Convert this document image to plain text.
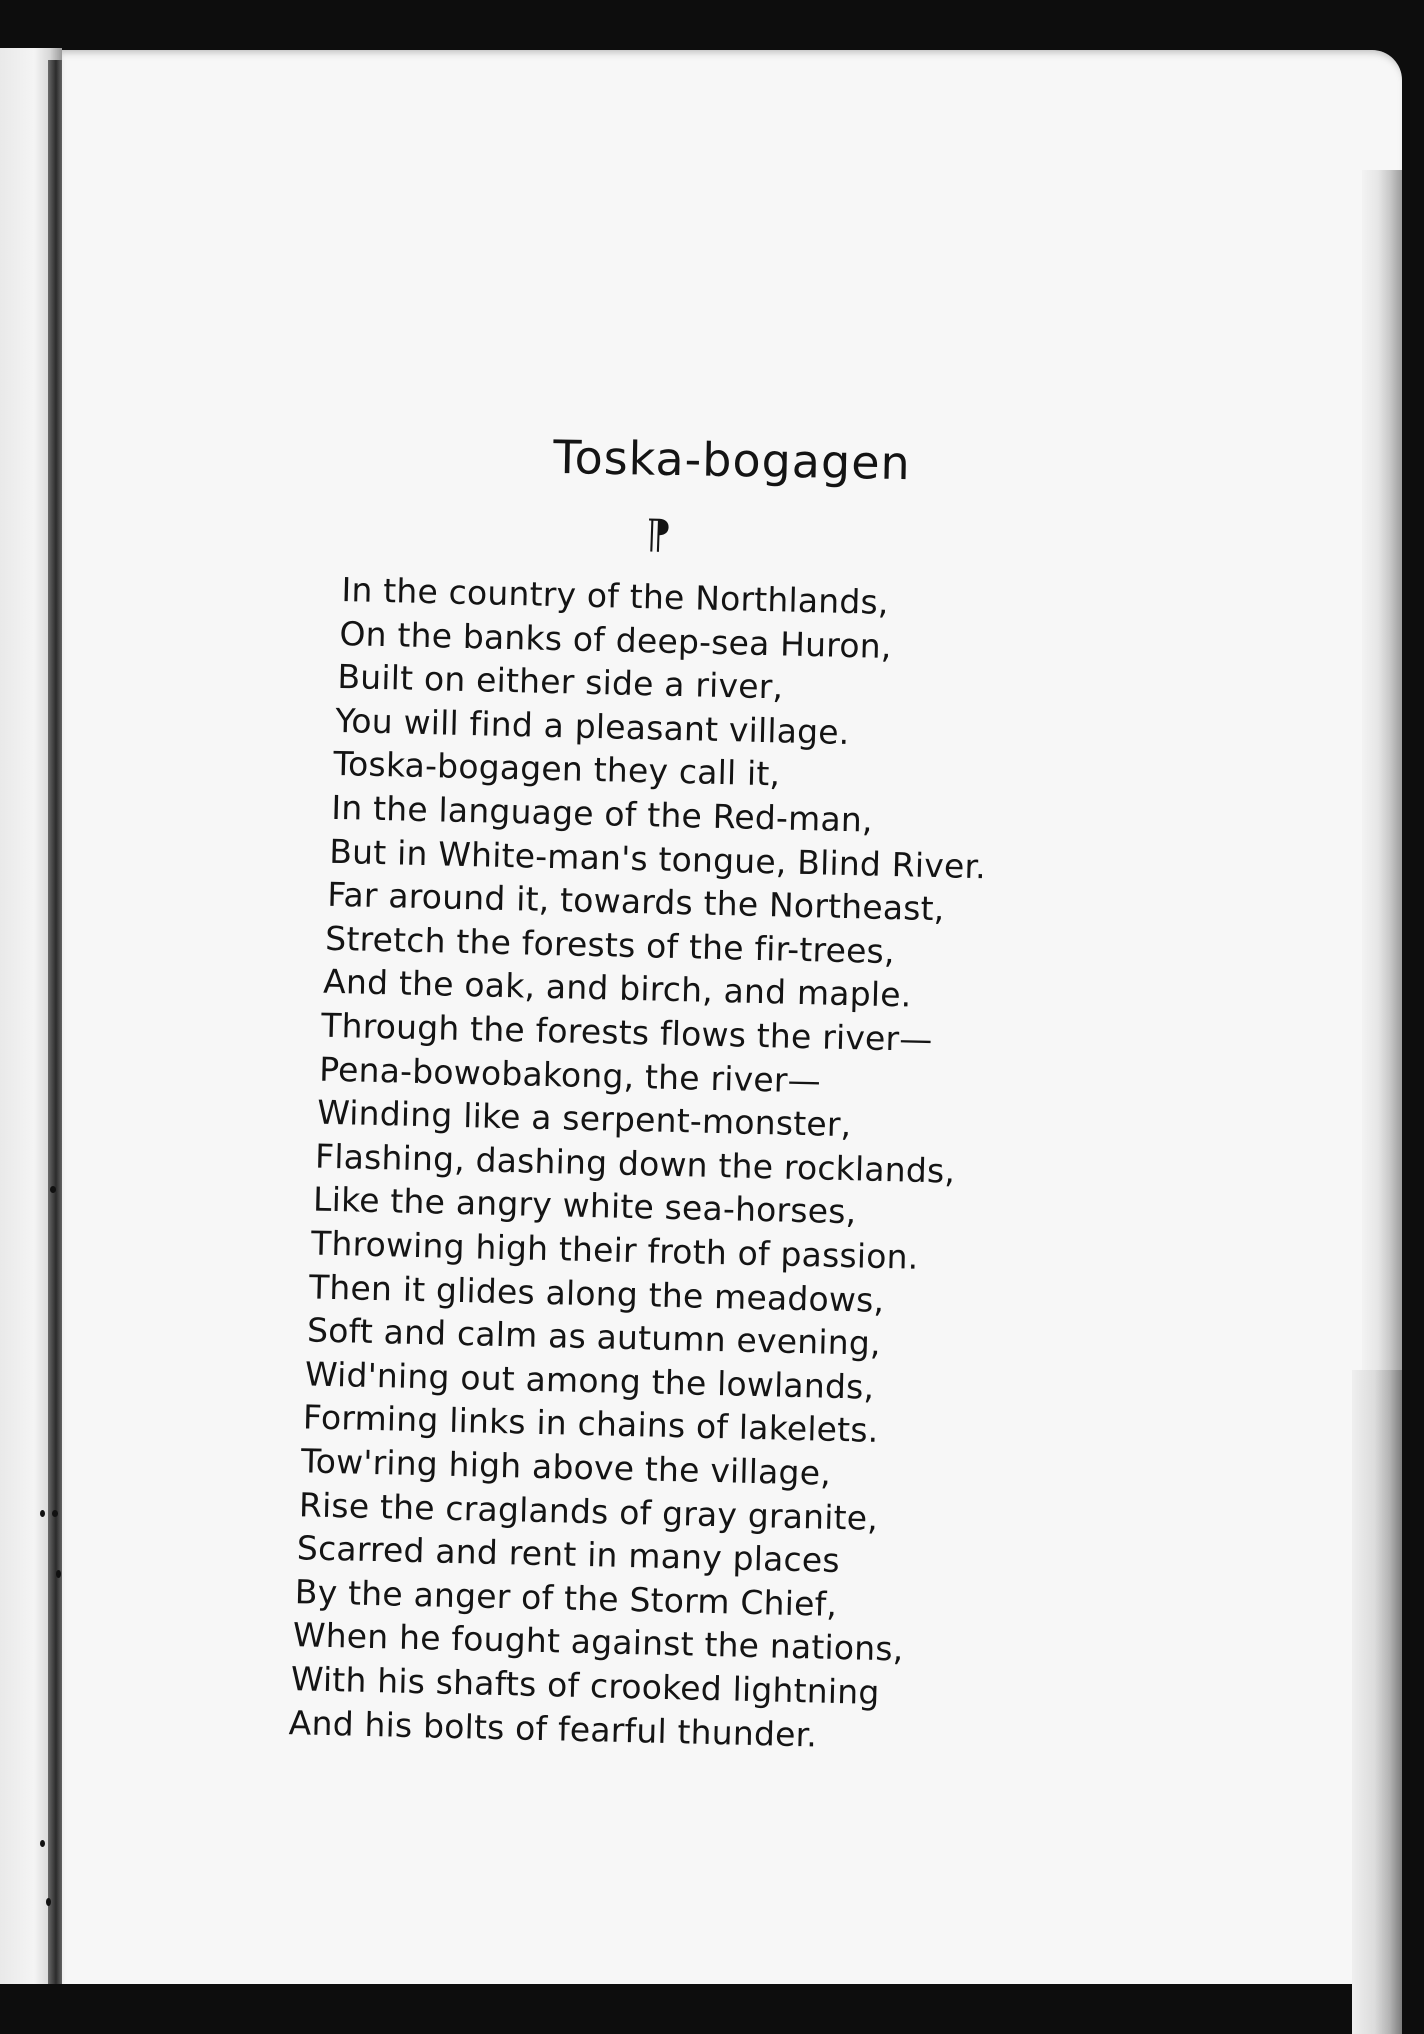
Toska-bogagen
⁋
In the country of the Northlands,
On the banks of deep-sea Huron,
Built on either side a river,
You will find a pleasant village.
Toska-bogagen they call it,
In the language of the Red-man,
But in White-man's tongue, Blind River.
Far around it, towards the Northeast,
Stretch the forests of the fir-trees,
And the oak, and birch, and maple.
Through the forests flows the river—
Pena-bowobakong, the river—
Winding like a serpent-monster,
Flashing, dashing down the rocklands,
Like the angry white sea-horses,
Throwing high their froth of passion.
Then it glides along the meadows,
Soft and calm as autumn evening,
Wid'ning out among the lowlands,
Forming links in chains of lakelets.
Tow'ring high above the village,
Rise the craglands of gray granite,
Scarred and rent in many places
By the anger of the Storm Chief,
When he fought against the nations,
With his shafts of crooked lightning
And his bolts of fearful thunder.
